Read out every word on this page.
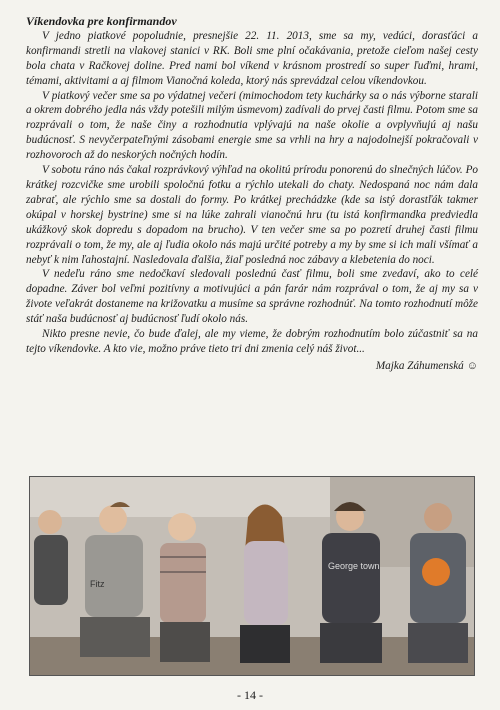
Víkendovka pre konfirmandov

V jedno piatkové popoludnie, presnejšie 22. 11. 2013, sme sa my, vedúci, dorasťáci a konfirmandi stretli na vlakovej stanici v RK. Boli sme plní očakávania, pretože cieľom našej cesty bola chata v Račkovej dolinе. Pred nami bol víkend v krásnom prostredí so super ľuďmi, hrami, témami, aktivitami a aj filmom Vianočná koleda, ktorý nás sprevádzal celou víkendovkou.

V piatkový večer sme sa po výdatnej večeri (mimochodom tety kuchárky sa o nás výborne starali a okrem dobrého jedla nás vždy potešili milým úsmevom) zadívali do prvej časti filmu. Potom sme sa rozprávali o tom, že naše činy a rozhodnutia vplývajú na naše okolie a ovplyvňujú aj našu budúcnosť. S nevyčerpateľnými zásobami energie sme sa vrhli na hry a najodolnejší pokračovali v rozhovoroch až do neskorých nočných hodín.

V sobotu ráno nás čakal rozprávkový výhľad na okolitú prírodu ponorenú do slnečných lúčov. Po krátkej rozcvičke sme urobili spoločnú fotku a rýchlo utekali do chaty. Nedospaná noc nám dala zabrať, ale rýchlo sme sa dostali do formy. Po krátkej prechádzke (kde sa istý dorastľák takmer okúpal v horskej bystrine) sme si na lúke zahrali vianočnú hru (tu istá konfirmandka predviedla ukážkový skok dopredu s dopadom na brucho). V ten večer sme sa po pozretí druhej časti filmu rozprávali o tom, že my, ale aj ľudia okolo nás majú určité potreby a my by sme si ich mali všímať a nebyť k nim ľahostajní. Nasledovala ďalšia, žiaľ posledná noc zábavy a klebetenia do noci.

V nedeľu ráno sme nedočkaví sledovali poslednú časť filmu, boli sme zvedaví, ako to celé dopadne. Záver bol veľmi pozitívny a motivujúci a pán farár nám rozprával o tom, že aj my sa v živote veľakrát dostaneme na križovatku a musíme sa správne rozhodnúť. Na tomto rozhodnutí môže stáť naša budúcnosť aj budúcnosť ľudí okolo nás.

Nikto presne nevie, čo bude ďalej, ale my vieme, že dobrým rozhodnutím bolo zúčastniť sa na tejto víkendovke. A kto vie, možno práve tieto tri dni zmenia celý náš život...

Majka Záhumenská ☺
Fitz
George town
- 14 -
